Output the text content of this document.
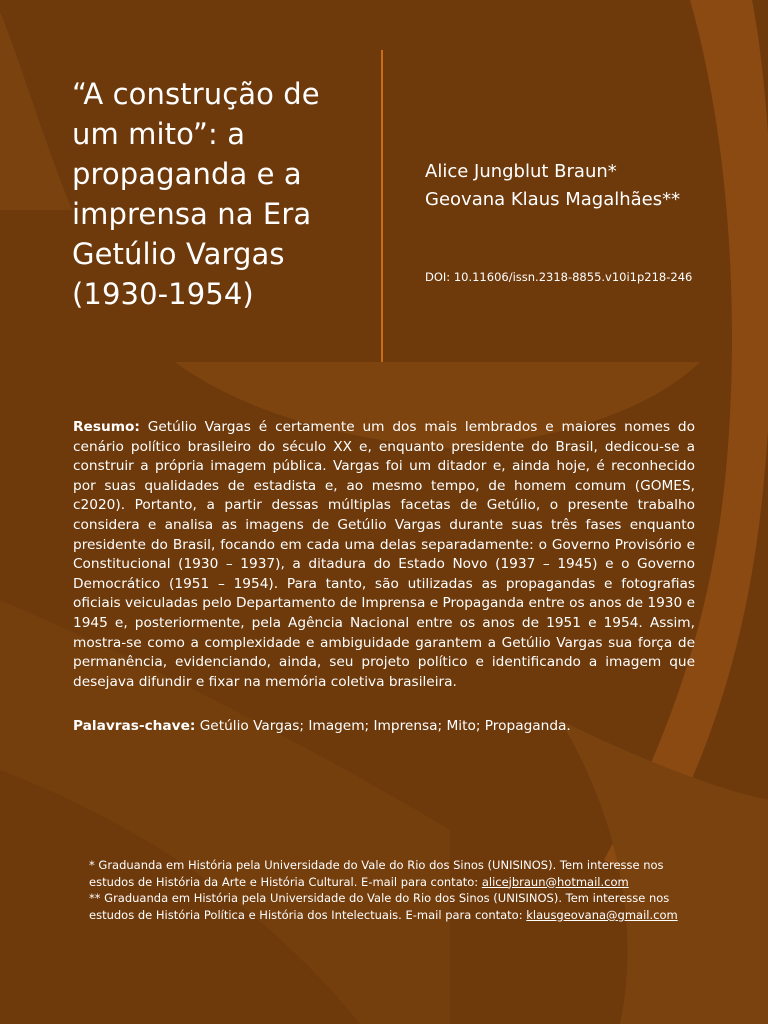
“A construção de um mito”: a propaganda e a imprensa na Era Getúlio Vargas (1930-1954)
Alice Jungblut Braun*
Geovana Klaus Magalhães**
DOI: 10.11606/issn.2318-8855.v10i1p218-246

Resumo: Getúlio Vargas é certamente um dos mais lembrados e maiores nomes do cenário político brasileiro do século XX e, enquanto presidente do Brasil, dedicou-se a construir a própria imagem pública. Vargas foi um ditador e, ainda hoje, é reconhecido por suas qualidades de estadista e, ao mesmo tempo, de homem comum (GOMES, c2020). Portanto, a partir dessas múltiplas facetas de Getúlio, o presente trabalho considera e analisa as imagens de Getúlio Vargas durante suas três fases enquanto presidente do Brasil, focando em cada uma delas separadamente: o Governo Provisório e Constitucional (1930 – 1937), a ditadura do Estado Novo (1937 – 1945) e o Governo Democrático (1951 – 1954). Para tanto, são utilizadas as propagandas e fotografias oficiais veiculadas pelo Departamento de Imprensa e Propaganda entre os anos de 1930 e 1945 e, posteriormente, pela Agência Nacional entre os anos de 1951 e 1954. Assim, mostra-se como a complexidade e ambiguidade garantem a Getúlio Vargas sua força de permanência, evidenciando, ainda, seu projeto político e identificando a imagem que desejava difundir e fixar na memória coletiva brasileira.

Palavras-chave: Getúlio Vargas; Imagem; Imprensa; Mito; Propaganda.

* Graduanda em História pela Universidade do Vale do Rio dos Sinos (UNISINOS). Tem interesse nos estudos de História da Arte e História Cultural. E-mail para contato: alicejbraun@hotmail.com

** Graduanda em História pela Universidade do Vale do Rio dos Sinos (UNISINOS). Tem interesse nos estudos de História Política e História dos Intelectuais. E-mail para contato: klausgeovana@gmail.com
